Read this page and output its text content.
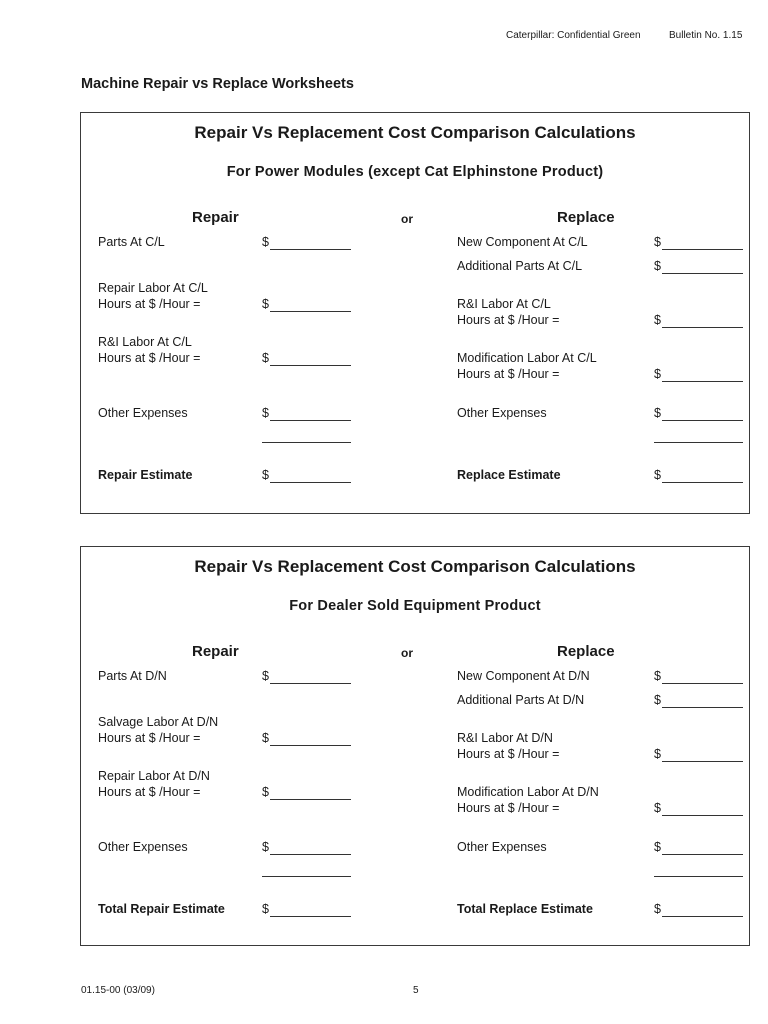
Caterpillar: Confidential Green	Bulletin No. 1.15
Machine Repair vs Replace Worksheets
Repair Vs Replacement Cost Comparison Calculations
For Power Modules (except Cat Elphinstone Product)
Repair	or	Replace
Parts At C/L	$
Repair Labor At C/L
Hours at $ /Hour =	$
R&I Labor At C/L
Hours at $ /Hour =	$
Other Expenses	$
Repair Estimate	$
New Component At C/L	$
Additional Parts At C/L	$
R&I Labor At C/L
Hours at $ /Hour =	$
Modification Labor At C/L
Hours at $ /Hour =	$
Other Expenses	$
Replace Estimate	$
Repair Vs Replacement Cost Comparison Calculations
For Dealer Sold Equipment Product
Repair	or	Replace
Parts At D/N	$
Salvage Labor At D/N
Hours at $ /Hour =	$
Repair Labor At D/N
Hours at $ /Hour =	$
Other Expenses	$
Total Repair Estimate	$
New Component At D/N	$
Additional Parts At D/N	$
R&I Labor At D/N
Hours at $ /Hour =	$
Modification Labor At D/N
Hours at $ /Hour =	$
Other Expenses	$
Total Replace Estimate	$
01.15-00 (03/09)	5
